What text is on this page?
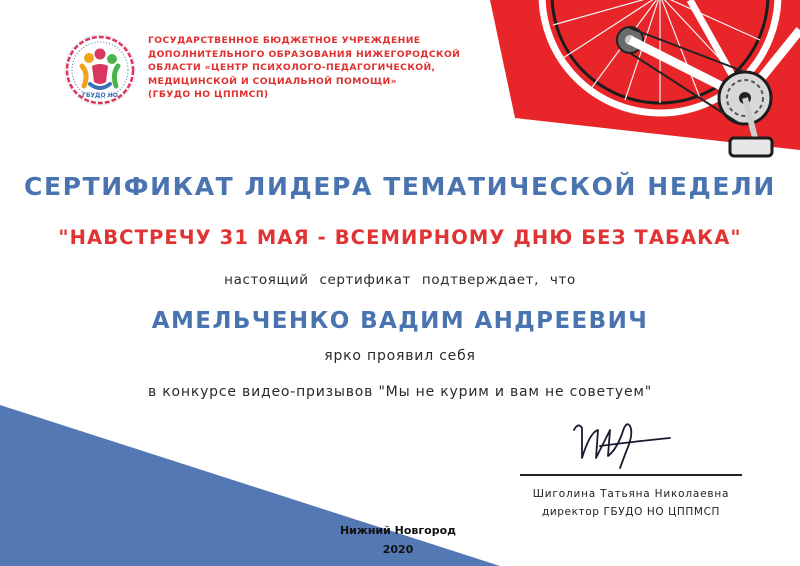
ГБУДО НО
ГОСУДАРСТВЕННОЕ БЮДЖЕТНОЕ УЧРЕЖДЕНИЕ
ДОПОЛНИТЕЛЬНОГО ОБРАЗОВАНИЯ НИЖЕГОРОДСКОЙ
ОБЛАСТИ «ЦЕНТР ПСИХОЛОГО-ПЕДАГОГИЧЕСКОЙ,
МЕДИЦИНСКОЙ И СОЦИАЛЬНОЙ ПОМОЩИ»
(ГБУДО НО ЦППМСП)
СЕРТИФИКАТ ЛИДЕРА ТЕМАТИЧЕСКОЙ НЕДЕЛИ
"НАВСТРЕЧУ 31 МАЯ - ВСЕМИРНОМУ ДНЮ БЕЗ ТАБАКА"
настоящий сертификат подтверждает, что
АМЕЛЬЧЕНКО ВАДИМ АНДРЕЕВИЧ
ярко проявил себя
в конкурсе видео-призывов "Мы не курим и вам не советуем"
Шиголина Татьяна Николаевна
директор ГБУДО НО ЦППМСП
Нижний Новгород
2020
